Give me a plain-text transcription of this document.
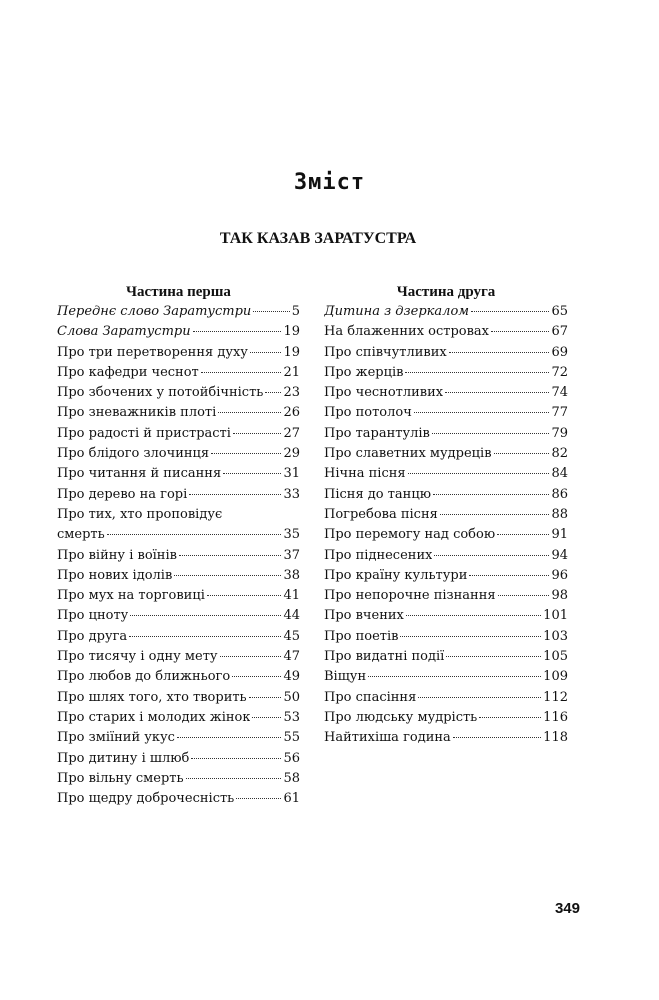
Зміст
ТАК КАЗАВ ЗАРАТУСТРА
Частина перша
Переднє слово Заратустри	5
Слова Заратустри	19
Про три перетворення духу	19
Про кафедри чеснот	21
Про збочених у потойбічність 23
Про зневажників плоті	26
Про радості й пристрасті	27
Про блідого злочинця	29
Про читання й писання	31
Про дерево на горі	33
Про тих, хто проповідує
смерть	35
Про війну і воїнів	37
Про нових ідолів	38
Про мух на торговиці	41
Про цноту	44
Про друга	45
Про тисячу і одну мету	47
Про любов до ближнього	49
Про шлях того, хто творить	50
Про старих і молодих жінок	53
Про зміїний укус	55
Про дитину і шлюб	56
Про вільну смерть	58
Про щедру доброчесність	61
Частина друга
Дитина з дзеркалом	65
На блаженних островах	67
Про співчутливих	69
Про жерців	72
Про чеснотливих	74
Про потолоч	77
Про тарантулів	79
Про славетних мудреців	82
Нічна пісня	84
Пісня до танцю	86
Погребова пісня	88
Про перемогу над собою	91
Про піднесених	94
Про країну культури	96
Про непорочне пізнання	98
Про вчених	101
Про поетів	103
Про видатні події	105
Віщун	109
Про спасіння	112
Про людську мудрість	116
Найтихіша година	118
349
